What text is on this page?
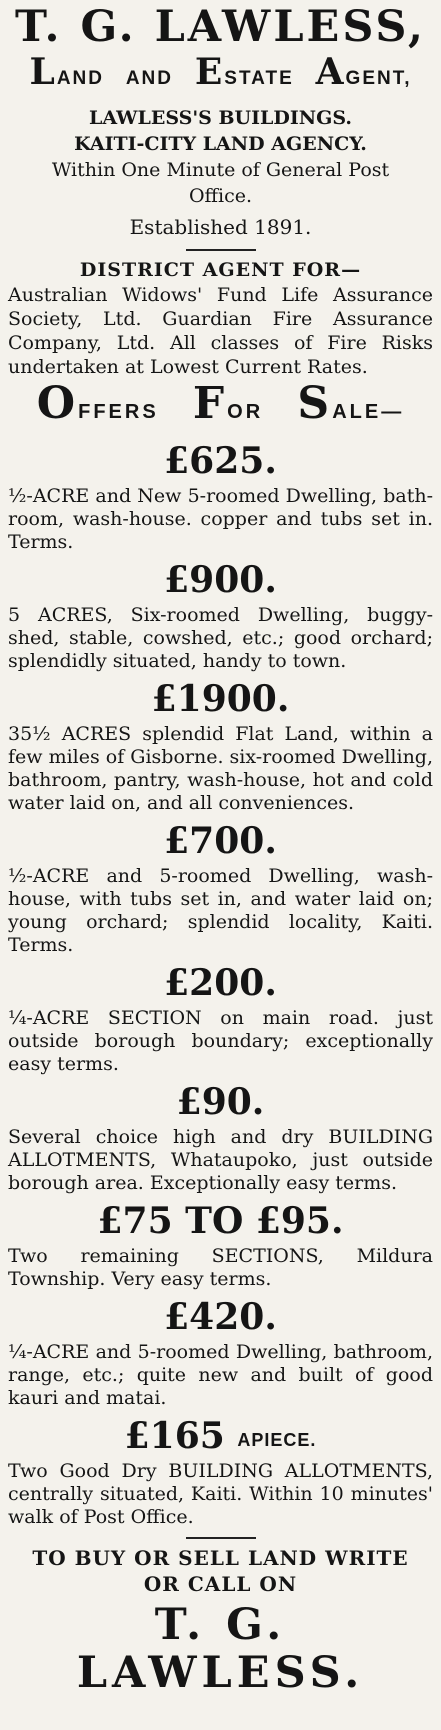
T. G. LAWLESS,
LAND AND ESTATE AGENT,

LAWLESS'S BUILDINGS.

KAITI-CITY LAND AGENCY.

Within One Minute of General Post Office.

Established 1891.

DISTRICT AGENT FOR—

Australian Widows' Fund Life Assurance Society, Ltd. Guardian Fire Assurance Company, Ltd. All classes of Fire Risks undertaken at Lowest Current Rates.

OFFERS FOR SALE—
£625.

½-ACRE and New 5-roomed Dwelling, bath-room, wash-house. copper and tubs set in. Terms.

£900.

5 ACRES, Six-roomed Dwelling, buggy-shed, stable, cowshed, etc.; good orchard; splendidly situated, handy to town.

£1900.

35½ ACRES splendid Flat Land, within a few miles of Gisborne. six-roomed Dwelling, bathroom, pantry, wash-house, hot and cold water laid on, and all conveniences.

£700.

½-ACRE and 5-roomed Dwelling, wash-house, with tubs set in, and water laid on; young orchard; splendid locality, Kaiti. Terms.

£200.

¼-ACRE SECTION on main road. just outside borough boundary; exceptionally easy terms.

£90.

Several choice high and dry BUILDING ALLOTMENTS, Whataupoko, just outside borough area. Exceptionally easy terms.

£75 TO £95.

Two remaining SECTIONS, Mildura Township. Very easy terms.

£420.

¼-ACRE and 5-roomed Dwelling, bathroom, range, etc.; quite new and built of good kauri and matai.

£165 $^{APIECE.}$

Two Good Dry BUILDING ALLOTMENTS, centrally situated, Kaiti. Within 10 minutes' walk of Post Office.

TO BUY OR SELL LAND WRITE

OR CALL ON

T. G. LAWLESS.
